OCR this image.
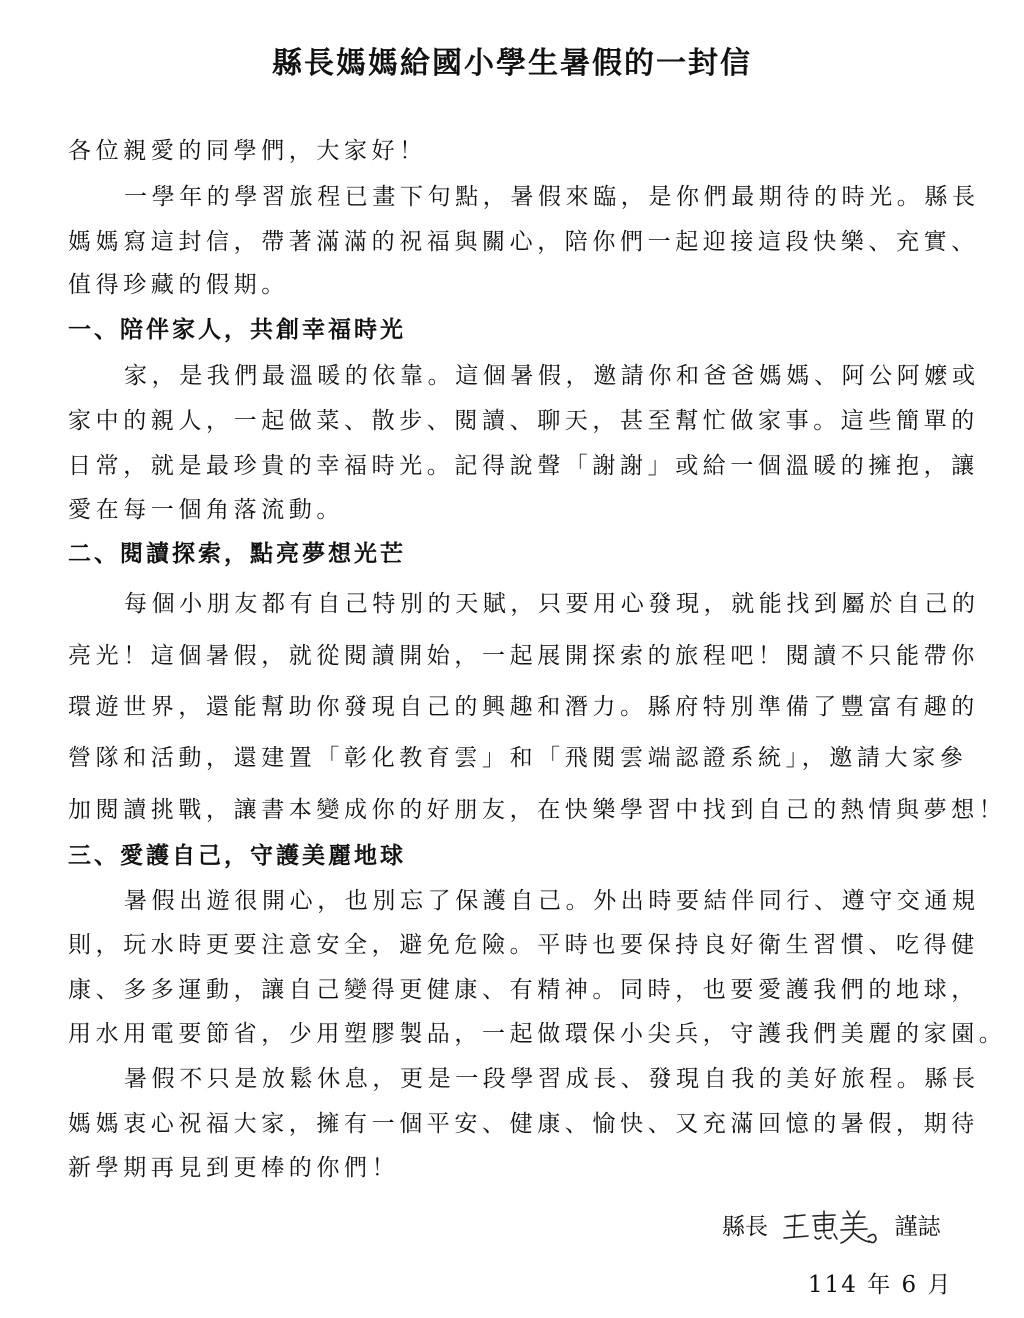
縣長媽媽給國小學生暑假的一封信
各位親愛的同學們，大家好！
一學年的學習旅程已畫下句點，暑假來臨，是你們最期待的時光。縣長
媽媽寫這封信，帶著滿滿的祝福與關心，陪你們一起迎接這段快樂、充實、
值得珍藏的假期。
一、陪伴家人，共創幸福時光
家，是我們最溫暖的依靠。這個暑假，邀請你和爸爸媽媽、阿公阿嬤或
家中的親人，一起做菜、散步、閱讀、聊天，甚至幫忙做家事。這些簡單的
日常，就是最珍貴的幸福時光。記得說聲「謝謝」或給一個溫暖的擁抱，讓
愛在每一個角落流動。
二、閱讀探索，點亮夢想光芒
每個小朋友都有自己特別的天賦，只要用心發現，就能找到屬於自己的
亮光！這個暑假，就從閱讀開始，一起展開探索的旅程吧！閱讀不只能帶你
環遊世界，還能幫助你發現自己的興趣和潛力。縣府特別準備了豐富有趣的
營隊和活動，還建置「彰化教育雲」和「飛閱雲端認證系統」，邀請大家參
加閱讀挑戰，讓書本變成你的好朋友，在快樂學習中找到自己的熱情與夢想！
三、愛護自己，守護美麗地球
暑假出遊很開心，也別忘了保護自己。外出時要結伴同行、遵守交通規
則，玩水時更要注意安全，避免危險。平時也要保持良好衛生習慣、吃得健
康、多多運動，讓自己變得更健康、有精神。同時，也要愛護我們的地球，
用水用電要節省，少用塑膠製品，一起做環保小尖兵，守護我們美麗的家園。
暑假不只是放鬆休息，更是一段學習成長、發現自我的美好旅程。縣長
媽媽衷心祝福大家，擁有一個平安、健康、愉快、又充滿回憶的暑假，期待
新學期再見到更棒的你們！
縣長	謹誌
114 年 6 月
